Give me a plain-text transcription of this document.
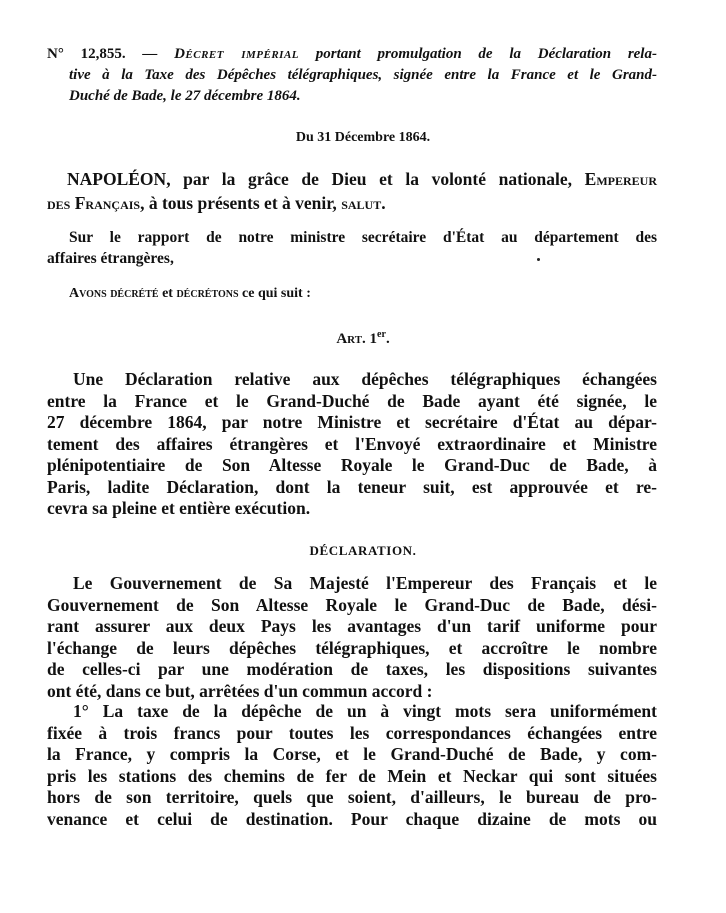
N° 12,855. — Décret impérial portant promulgation de la Déclaration rela-
tive à la Taxe des Dépêches télégraphiques, signée entre la France et le Grand-
Duché de Bade, le 27 décembre 1864.
Du 31 Décembre 1864.
NAPOLÉON, par la grâce de Dieu et la volonté nationale, Empereur
des Français, à tous présents et à venir, salut.
Sur le rapport de notre ministre secrétaire d'État au département des
affaires étrangères,
Avons décrété et décrétons ce qui suit :
Art. 1er.
Une Déclaration relative aux dépêches télégraphiques échangées
entre la France et le Grand-Duché de Bade ayant été signée, le
27 décembre 1864, par notre Ministre et secrétaire d'État au dépar-
tement des affaires étrangères et l'Envoyé extraordinaire et Ministre
plénipotentiaire de Son Altesse Royale le Grand-Duc de Bade, à
Paris, ladite Déclaration, dont la teneur suit, est approuvée et re-
cevra sa pleine et entière exécution.
DÉCLARATION.
Le Gouvernement de Sa Majesté l'Empereur des Français et le
Gouvernement de Son Altesse Royale le Grand-Duc de Bade, dési-
rant assurer aux deux Pays les avantages d'un tarif uniforme pour
l'échange de leurs dépêches télégraphiques, et accroître le nombre
de celles-ci par une modération de taxes, les dispositions suivantes
ont été, dans ce but, arrêtées d'un commun accord :
1° La taxe de la dépêche de un à vingt mots sera uniformément
fixée à trois francs pour toutes les correspondances échangées entre
la France, y compris la Corse, et le Grand-Duché de Bade, y com-
pris les stations des chemins de fer de Mein et Neckar qui sont situées
hors de son territoire, quels que soient, d'ailleurs, le bureau de pro-
venance et celui de destination. Pour chaque dizaine de mots ou
